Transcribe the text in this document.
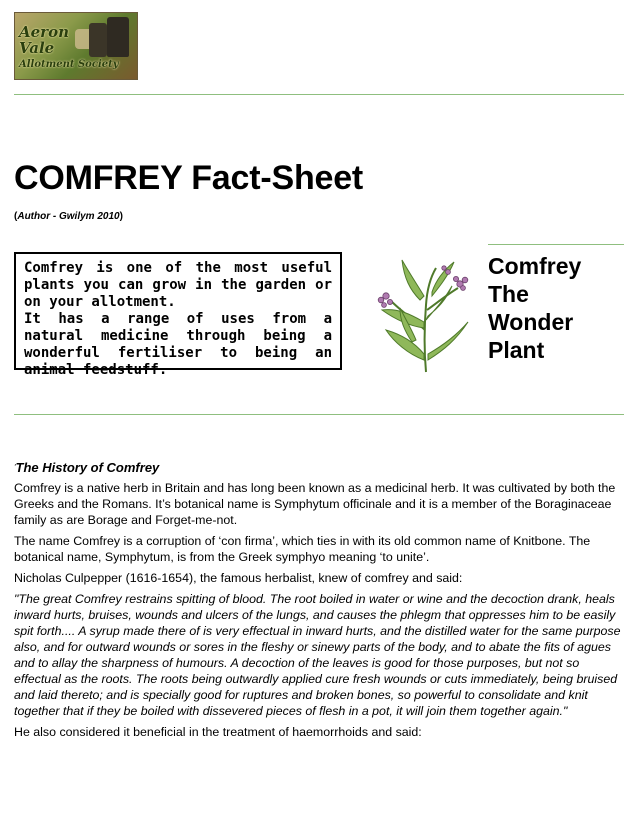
Aeron
Vale
Allotment Society
COMFREY Fact-Sheet
(Author - Gwilym 2010)

Comfrey is one of the most useful plants you can grow in the garden or on your allotment.

It has a range of uses from a natural medicine through being a wonderful fertiliser to being an animal feedstuff.

Comfrey
The
Wonder
Plant

'The History of Comfrey

Comfrey is a native herb in Britain and has long been known as a medicinal herb. It was cultivated by both the Greeks and the Romans. It’s botanical name is Symphytum officinale and it is a member of the Boraginaceae family as are Borage and Forget-me-not.

The name Comfrey is a corruption of ‘con firma’, which ties in with its old common name of Knitbone. The botanical name, Symphytum, is from the Greek symphyo meaning ‘to unite’.

Nicholas Culpepper (1616-1654), the famous herbalist, knew of comfrey and said:

"The great Comfrey restrains spitting of blood. The root boiled in water or wine and the decoction drank, heals inward hurts, bruises, wounds and ulcers of the lungs, and causes the phlegm that oppresses him to be easily spit forth.... A syrup made there of is very effectual in inward hurts, and the distilled water for the same purpose also, and for outward wounds or sores in the fleshy or sinewy parts of the body, and to abate the fits of agues and to allay the sharpness of humours. A decoction of the leaves is good for those purposes, but not so effectual as the roots. The roots being outwardly applied cure fresh wounds or cuts immediately, being bruised and laid thereto; and is specially good for ruptures and broken bones, so powerful to consolidate and knit together that if they be boiled with dissevered pieces of flesh in a pot, it will join them together again."

He also considered it beneficial in the treatment of haemorrhoids and said:
